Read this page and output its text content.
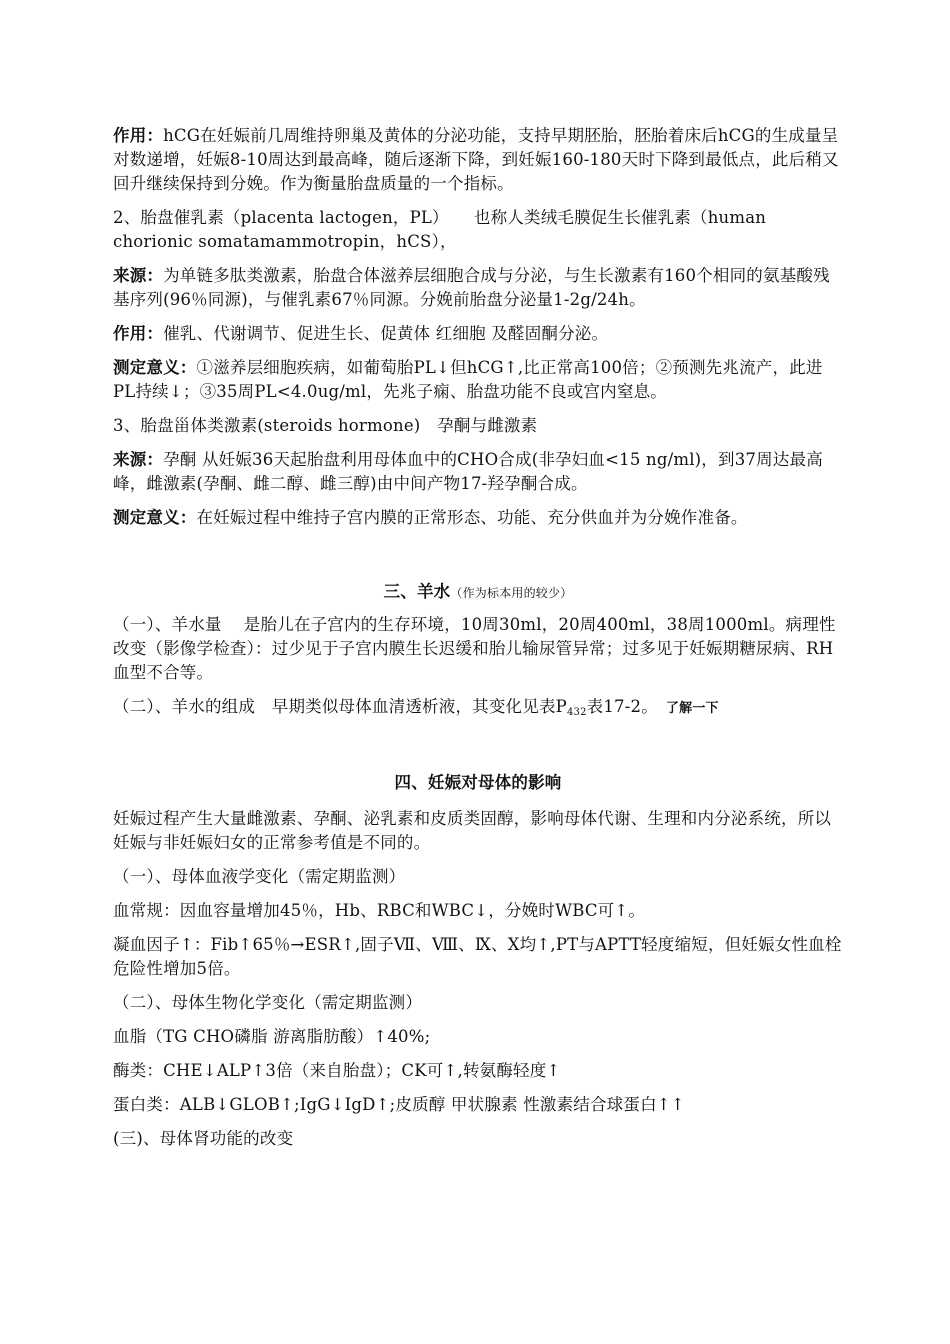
作用：hCG在妊娠前几周维持卵巢及黄体的分泌功能，支持早期胚胎，胚胎着床后hCG的生成量呈对数递增，妊娠8-10周达到最高峰，随后逐渐下降，到妊娠160-180天时下降到最低点，此后稍又回升继续保持到分娩。作为衡量胎盘质量的一个指标。

2、胎盘催乳素（placenta lactogen，PL）　　也称人类绒毛膜促生长催乳素（human chorionic somatamammotropin，hCS），

来源：为单链多肽类激素，胎盘合体滋养层细胞合成与分泌，与生长激素有160个相同的氨基酸残基序列(96％同源)，与催乳素67％同源。分娩前胎盘分泌量1-2g/24h。

作用：催乳、代谢调节、促进生长、促黄体 红细胞 及醛固酮分泌。

测定意义：①滋养层细胞疾病，如葡萄胎PL↓但hCG↑,比正常高100倍；②预测先兆流产，此进PL持续↓；③35周PL<4.0ug/ml，先兆子痫、胎盘功能不良或宫内窒息。

3、胎盘甾体类激素(steroids hormone)　孕酮与雌激素

来源：孕酮 从妊娠36天起胎盘利用母体血中的CHO合成(非孕妇血<15 ng/ml)，到37周达最高峰，雌激素(孕酮、雌二醇、雌三醇)由中间产物17-羟孕酮合成。

测定意义：在妊娠过程中维持子宫内膜的正常形态、功能、充分供血并为分娩作准备。

三、羊水（作为标本用的较少）

（一）、羊水量　 是胎儿在子宫内的生存环境，10周30ml，20周400ml，38周1000ml。病理性改变（影像学检查）：过少见于子宫内膜生长迟缓和胎儿输尿管异常；过多见于妊娠期糖尿病、RH血型不合等。

（二）、羊水的组成　早期类似母体血清透析液，其变化见表$P_{432}$表17-2。 了解一下

四、妊娠对母体的影响

妊娠过程产生大量雌激素、孕酮、泌乳素和皮质类固醇，影响母体代谢、生理和内分泌系统，所以妊娠与非妊娠妇女的正常参考值是不同的。

（一）、母体血液学变化（需定期监测）

血常规：因血容量增加45％，Hb、RBC和WBC↓，分娩时WBC可↑。

凝血因子↑：Fib↑65％→ESR↑,固子Ⅶ、Ⅷ、Ⅸ、Ⅹ均↑,PT与APTT轻度缩短，但妊娠女性血栓危险性增加5倍。

（二）、母体生物化学变化（需定期监测）

血脂（TG CHO磷脂 游离脂肪酸）↑40%;

酶类：CHE↓ALP↑3倍（来自胎盘）；CK可↑,转氨酶轻度↑

蛋白类：ALB↓GLOB↑;IgG↓IgD↑;皮质醇 甲状腺素 性激素结合球蛋白↑↑

(三)、母体肾功能的改变
